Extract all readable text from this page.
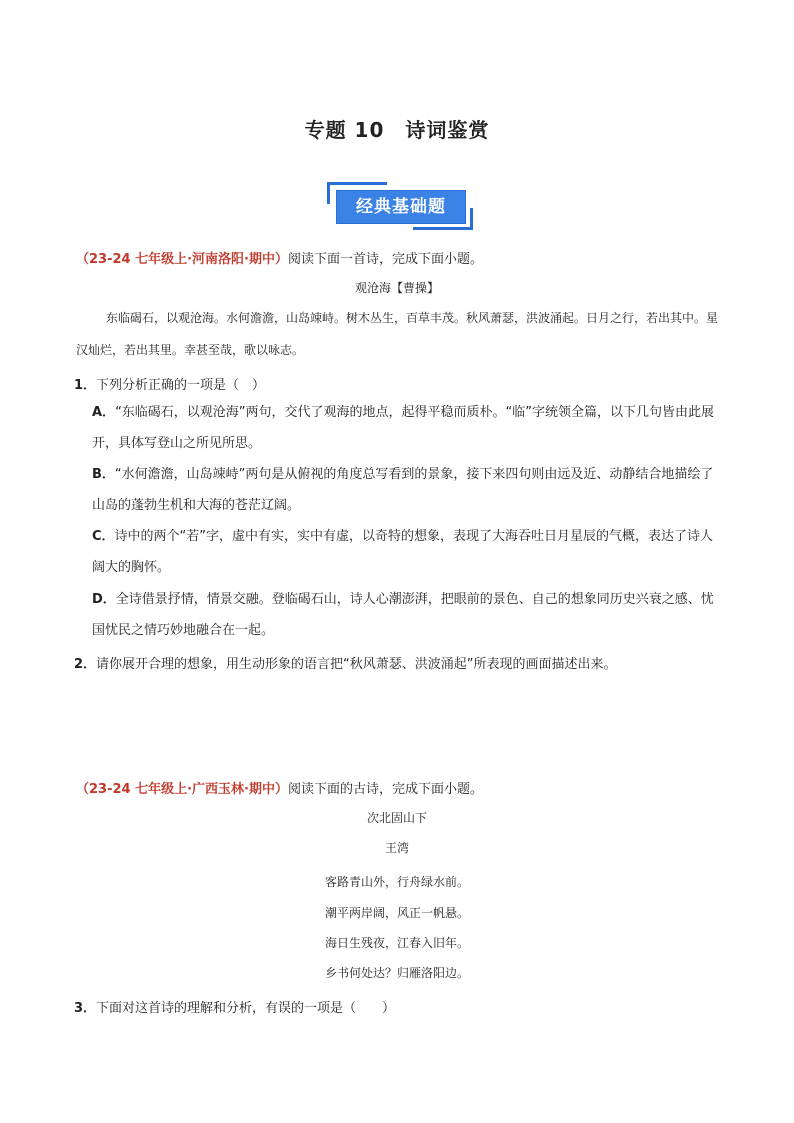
专题 10　诗词鉴赏
经典基础题
（23-24 七年级上·河南洛阳·期中）阅读下面一首诗，完成下面小题。
观沧海【曹操】
东临碣石，以观沧海。水何澹澹，山岛竦峙。树木丛生，百草丰茂。秋风萧瑟，洪波涌起。日月之行，若出其中。星汉灿烂，若出其里。幸甚至哉，歌以咏志。
1．下列分析正确的一项是（　）
A．“东临碣石，以观沧海”两句，交代了观海的地点，起得平稳而质朴。“临”字统领全篇，以下几句皆由此展开，具体写登山之所见所思。
B．“水何澹澹，山岛竦峙”两句是从俯视的角度总写看到的景象，接下来四句则由远及近、动静结合地描绘了山岛的蓬勃生机和大海的苍茫辽阔。
C．诗中的两个“若”字，虚中有实，实中有虚，以奇特的想象，表现了大海吞吐日月星辰的气概，表达了诗人阔大的胸怀。
D．全诗借景抒情，情景交融。登临碣石山，诗人心潮澎湃，把眼前的景色、自己的想象同历史兴衰之感、忧国忧民之情巧妙地融合在一起。
2．请你展开合理的想象，用生动形象的语言把“秋风萧瑟、洪波涌起”所表现的画面描述出来。
（23-24 七年级上·广西玉林·期中）阅读下面的古诗，完成下面小题。
次北固山下
王湾
客路青山外，行舟绿水前。
潮平两岸阔，风正一帆悬。
海日生残夜，江春入旧年。
乡书何处达？归雁洛阳边。
3．下面对这首诗的理解和分析，有误的一项是（　　）
